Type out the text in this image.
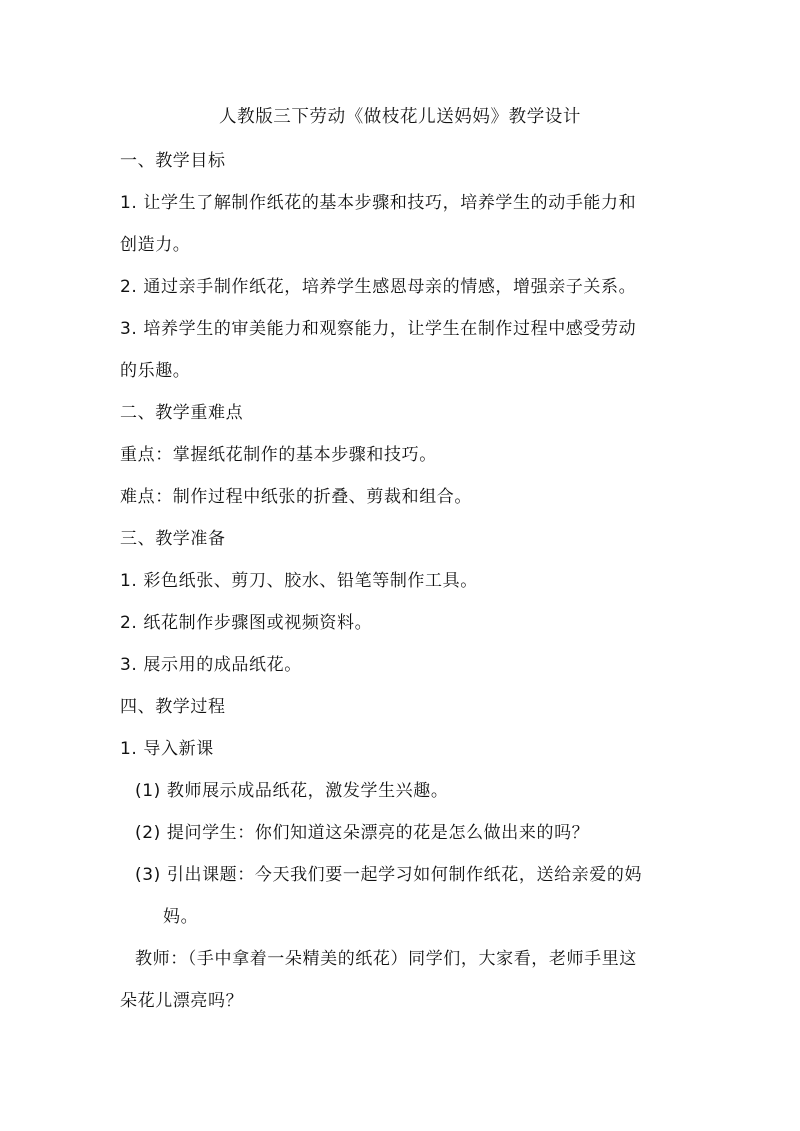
人教版三下劳动《做枝花儿送妈妈》教学设计
一、教学目标
1. 让学生了解制作纸花的基本步骤和技巧，培养学生的动手能力和
创造力。
2. 通过亲手制作纸花，培养学生感恩母亲的情感，增强亲子关系。
3. 培养学生的审美能力和观察能力，让学生在制作过程中感受劳动
的乐趣。
二、教学重难点
重点：掌握纸花制作的基本步骤和技巧。
难点：制作过程中纸张的折叠、剪裁和组合。
三、教学准备
1. 彩色纸张、剪刀、胶水、铅笔等制作工具。
2. 纸花制作步骤图或视频资料。
3. 展示用的成品纸花。
四、教学过程
1. 导入新课
(1) 教师展示成品纸花，激发学生兴趣。
(2) 提问学生：你们知道这朵漂亮的花是怎么做出来的吗？
(3) 引出课题：今天我们要一起学习如何制作纸花，送给亲爱的妈
妈。
教师：（手中拿着一朵精美的纸花）同学们，大家看，老师手里这
朵花儿漂亮吗？
